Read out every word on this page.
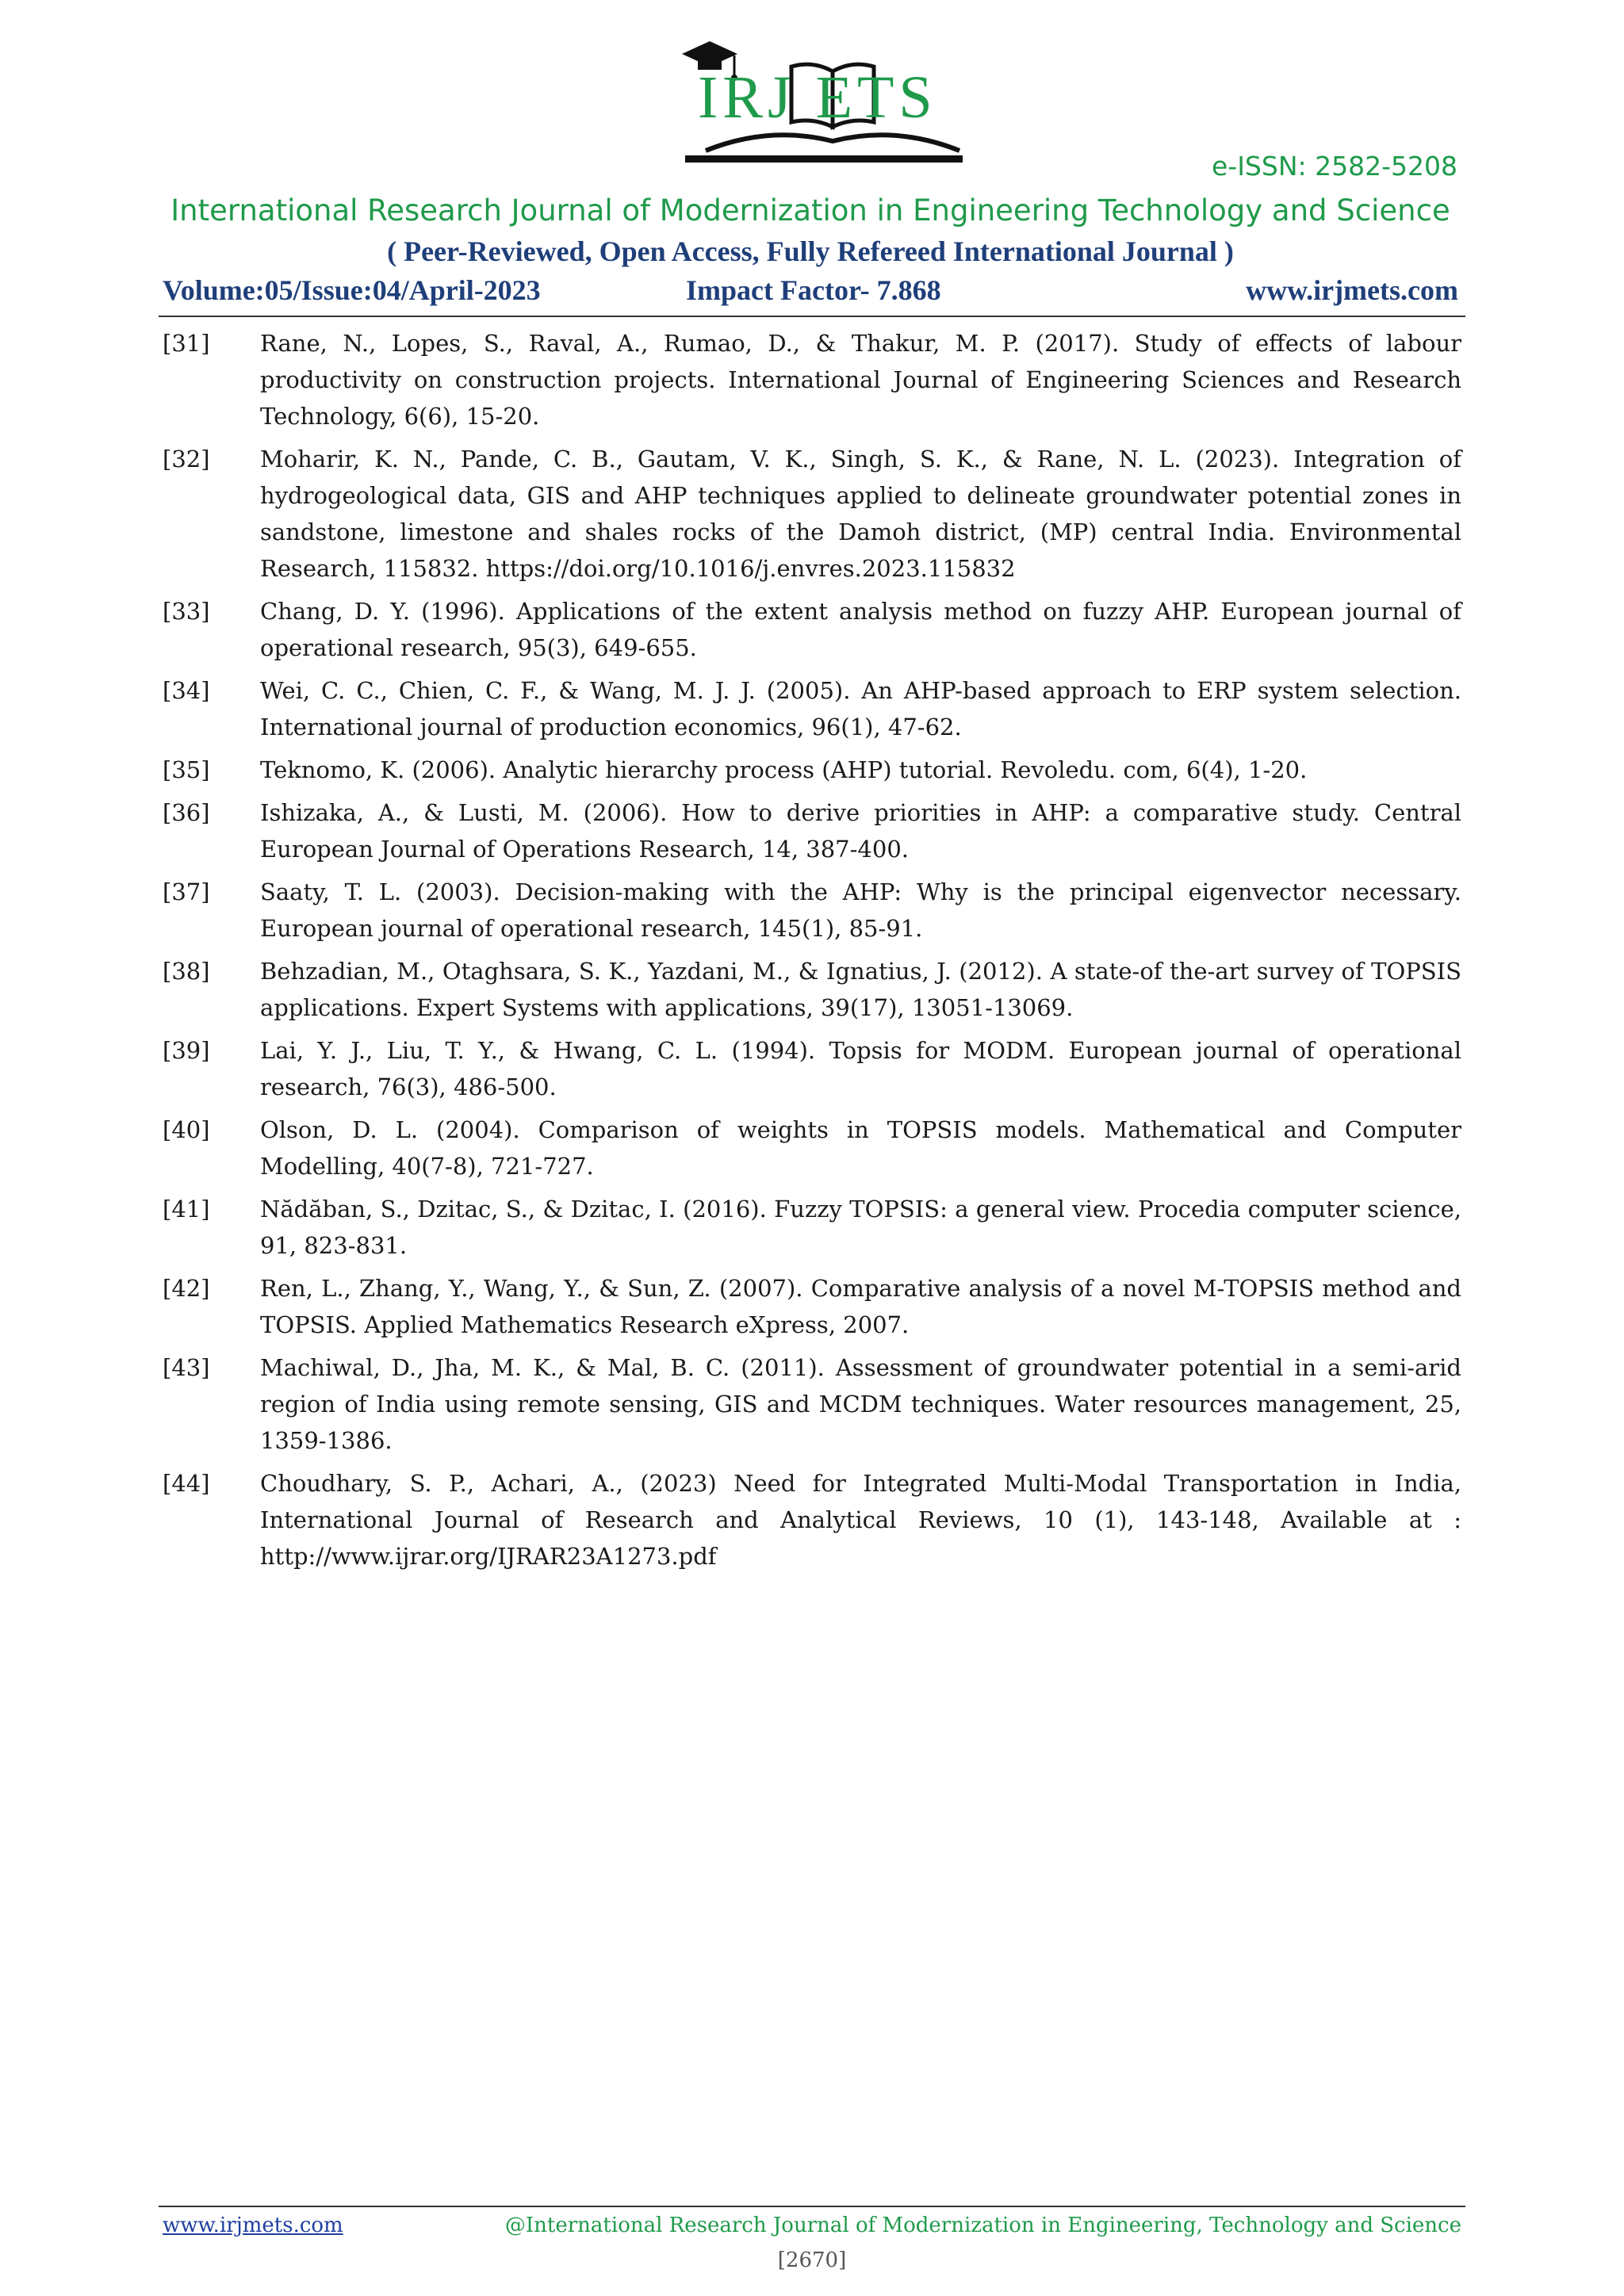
IRJ ETS
e-ISSN: 2582-5208
International Research Journal of Modernization in Engineering Technology and Science
( Peer-Reviewed, Open Access, Fully Refereed International Journal )
Volume:05/Issue:04/April-2023	Impact Factor- 7.868	www.irjmets.com
[31]	Rane, N., Lopes, S., Raval, A., Rumao, D., & Thakur, M. P. (2017). Study of effects of labour productivity on construction projects. International Journal of Engineering Sciences and Research Technology, 6(6), 15-20.
[32]	Moharir, K. N., Pande, C. B., Gautam, V. K., Singh, S. K., & Rane, N. L. (2023). Integration of hydrogeological data, GIS and AHP techniques applied to delineate groundwater potential zones in sandstone, limestone and shales rocks of the Damoh district, (MP) central India. Environmental Research, 115832. https://doi.org/10.1016/j.envres.2023.115832
[33]	Chang, D. Y. (1996). Applications of the extent analysis method on fuzzy AHP. European journal of operational research, 95(3), 649-655.
[34]	Wei, C. C., Chien, C. F., & Wang, M. J. J. (2005). An AHP-based approach to ERP system selection. International journal of production economics, 96(1), 47-62.
[35]	Teknomo, K. (2006). Analytic hierarchy process (AHP) tutorial. Revoledu. com, 6(4), 1-20.
[36]	Ishizaka, A., & Lusti, M. (2006). How to derive priorities in AHP: a comparative study. Central European Journal of Operations Research, 14, 387-400.
[37]	Saaty, T. L. (2003). Decision-making with the AHP: Why is the principal eigenvector necessary. European journal of operational research, 145(1), 85-91.
[38]	Behzadian, M., Otaghsara, S. K., Yazdani, M., & Ignatius, J. (2012). A state-of the-art survey of TOPSIS applications. Expert Systems with applications, 39(17), 13051-13069.
[39]	Lai, Y. J., Liu, T. Y., & Hwang, C. L. (1994). Topsis for MODM. European journal of operational research, 76(3), 486-500.
[40]	Olson, D. L. (2004). Comparison of weights in TOPSIS models. Mathematical and Computer Modelling, 40(7-8), 721-727.
[41]	Nădăban, S., Dzitac, S., & Dzitac, I. (2016). Fuzzy TOPSIS: a general view. Procedia computer science, 91, 823-831.
[42]	Ren, L., Zhang, Y., Wang, Y., & Sun, Z. (2007). Comparative analysis of a novel M-TOPSIS method and TOPSIS. Applied Mathematics Research eXpress, 2007.
[43]	Machiwal, D., Jha, M. K., & Mal, B. C. (2011). Assessment of groundwater potential in a semi-arid region of India using remote sensing, GIS and MCDM techniques. Water resources management, 25, 1359-1386.
[44]	Choudhary, S. P., Achari, A., (2023) Need for Integrated Multi-Modal Transportation in India, International Journal of Research and Analytical Reviews, 10 (1), 143-148, Available at : http://www.ijrar.org/IJRAR23A1273.pdf
www.irjmets.com	@International Research Journal of Modernization in Engineering, Technology and Science
[2670]
